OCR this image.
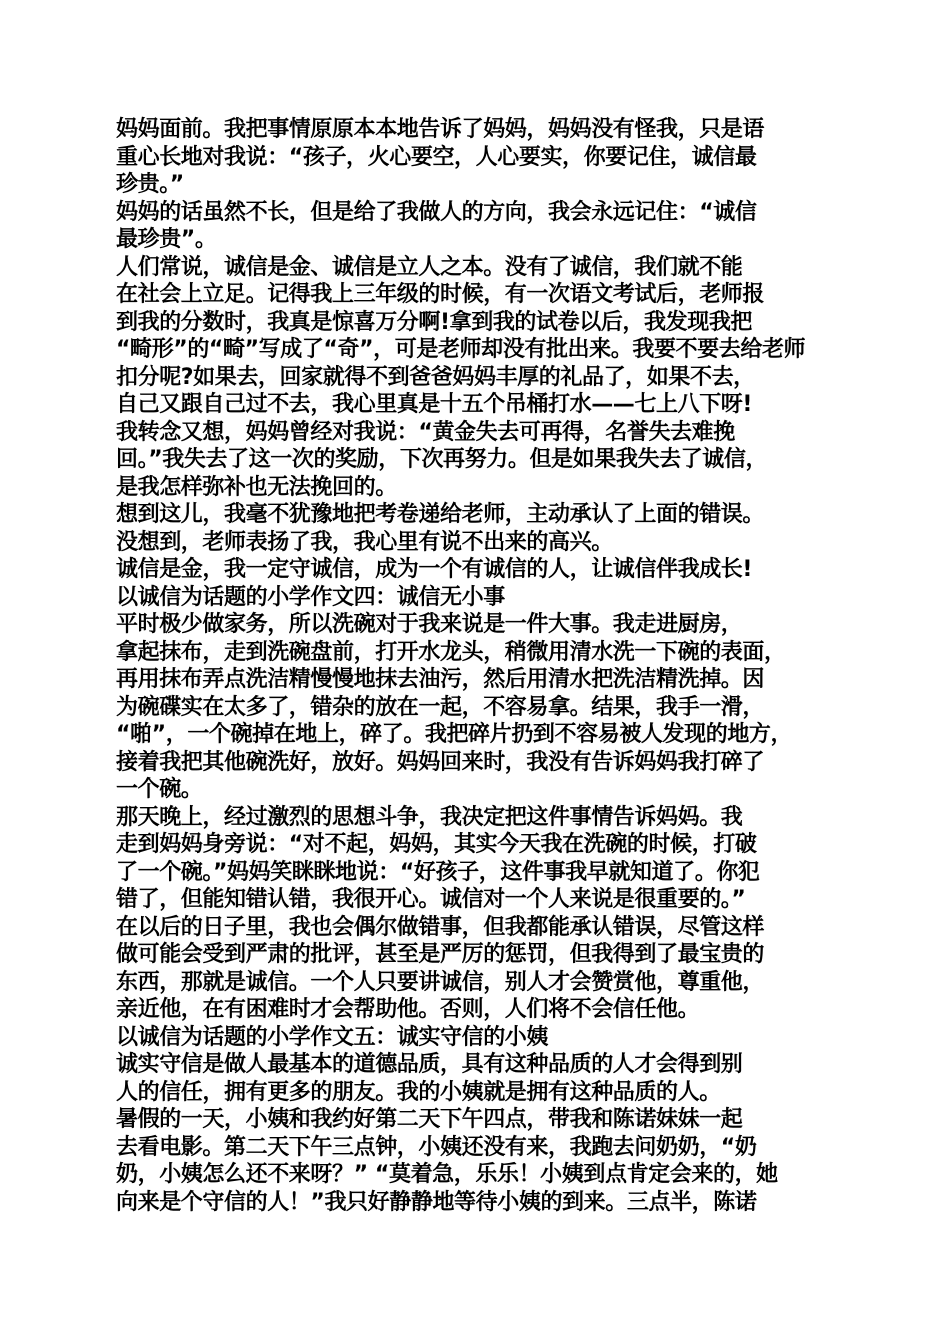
妈妈面前。我把事情原原本本地告诉了妈妈，妈妈没有怪我，只是语
重心长地对我说：“孩子，火心要空，人心要实，你要记住，诚信最
珍贵。”
妈妈的话虽然不长，但是给了我做人的方向，我会永远记住：“诚信
最珍贵”。
人们常说，诚信是金、诚信是立人之本。没有了诚信，我们就不能
在社会上立足。记得我上三年级的时候，有一次语文考试后，老师报
到我的分数时，我真是惊喜万分啊!拿到我的试卷以后，我发现我把
“畸形”的“畸”写成了“奇”，可是老师却没有批出来。我要不要去给老师
扣分呢?如果去，回家就得不到爸爸妈妈丰厚的礼品了，如果不去，
自己又跟自己过不去，我心里真是十五个吊桶打水——七上八下呀!
我转念又想，妈妈曾经对我说：“黄金失去可再得，名誉失去难挽
回。”我失去了这一次的奖励，下次再努力。但是如果我失去了诚信，
是我怎样弥补也无法挽回的。
想到这儿，我毫不犹豫地把考卷递给老师，主动承认了上面的错误。
没想到，老师表扬了我，我心里有说不出来的高兴。
诚信是金，我一定守诚信，成为一个有诚信的人，让诚信伴我成长!
以诚信为话题的小学作文四：诚信无小事
平时极少做家务，所以洗碗对于我来说是一件大事。我走进厨房，
拿起抹布，走到洗碗盘前，打开水龙头，稍微用清水洗一下碗的表面，
再用抹布弄点洗洁精慢慢地抹去油污，然后用清水把洗洁精洗掉。因
为碗碟实在太多了，错杂的放在一起，不容易拿。结果，我手一滑，
“啪”，一个碗掉在地上，碎了。我把碎片扔到不容易被人发现的地方，
接着我把其他碗洗好，放好。妈妈回来时，我没有告诉妈妈我打碎了
一个碗。
那天晚上，经过激烈的思想斗争，我决定把这件事情告诉妈妈。我
走到妈妈身旁说：“对不起，妈妈，其实今天我在洗碗的时候，打破
了一个碗。”妈妈笑眯眯地说：“好孩子，这件事我早就知道了。你犯
错了，但能知错认错，我很开心。诚信对一个人来说是很重要的。”
在以后的日子里，我也会偶尔做错事，但我都能承认错误，尽管这样
做可能会受到严肃的批评，甚至是严厉的惩罚，但我得到了最宝贵的
东西，那就是诚信。一个人只要讲诚信，别人才会赞赏他，尊重他，
亲近他，在有困难时才会帮助他。否则，人们将不会信任他。
以诚信为话题的小学作文五：诚实守信的小姨
诚实守信是做人最基本的道德品质，具有这种品质的人才会得到别
人的信任，拥有更多的朋友。我的小姨就是拥有这种品质的人。
暑假的一天，小姨和我约好第二天下午四点，带我和陈诺妹妹一起
去看电影。第二天下午三点钟，小姨还没有来，我跑去问奶奶，“奶
奶，小姨怎么还不来呀？” “莫着急，乐乐！小姨到点肯定会来的，她
向来是个守信的人！”我只好静静地等待小姨的到来。三点半，陈诺
